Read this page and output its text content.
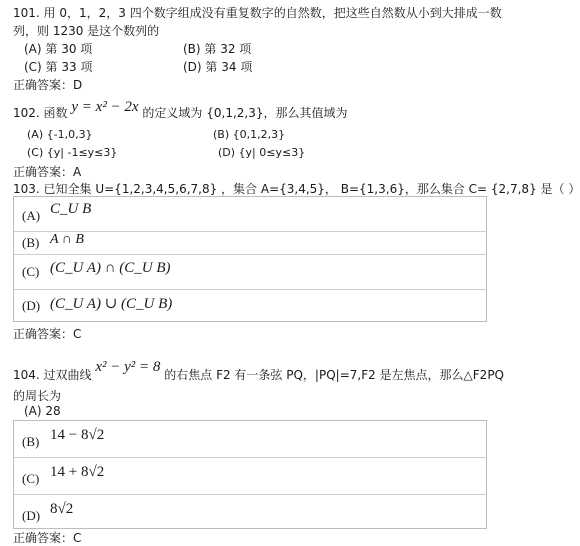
101. 用 0，1，2，3 四个数字组成没有重复数字的自然数，把这些自然数从小到大排成一数
列，则 1230 是这个数列的
(A) 第 30 项	(B) 第 32 项
(C) 第 33 项	(D) 第 34 项
正确答案：D
102. 函数 y = x² − 2x 的定义域为 {0,1,2,3}，那么其值域为
(A) {-1,0,3}	(B) {0,1,2,3}
(C) {y| -1≤y≤3}	(D) {y| 0≤y≤3}
正确答案：A
103. 已知全集 U={1,2,3,4,5,6,7,8} ，集合 A={3,4,5}， B={1,3,6}，那么集合 C= {2,7,8} 是（ ）
(A) C_U B
(B) A ∩ B
(C) (C_U A) ∩ (C_U B)
(D) (C_U A) ∪ (C_U B)
正确答案：C
104. 过双曲线 x² − y² = 8 的右焦点 F2 有一条弦 PQ，|PQ|=7,F2 是左焦点，那么△F2PQ
的周长为
(A) 28
(B) 14 − 8√2
(C) 14 + 8√2
(D) 8√2
正确答案：C
